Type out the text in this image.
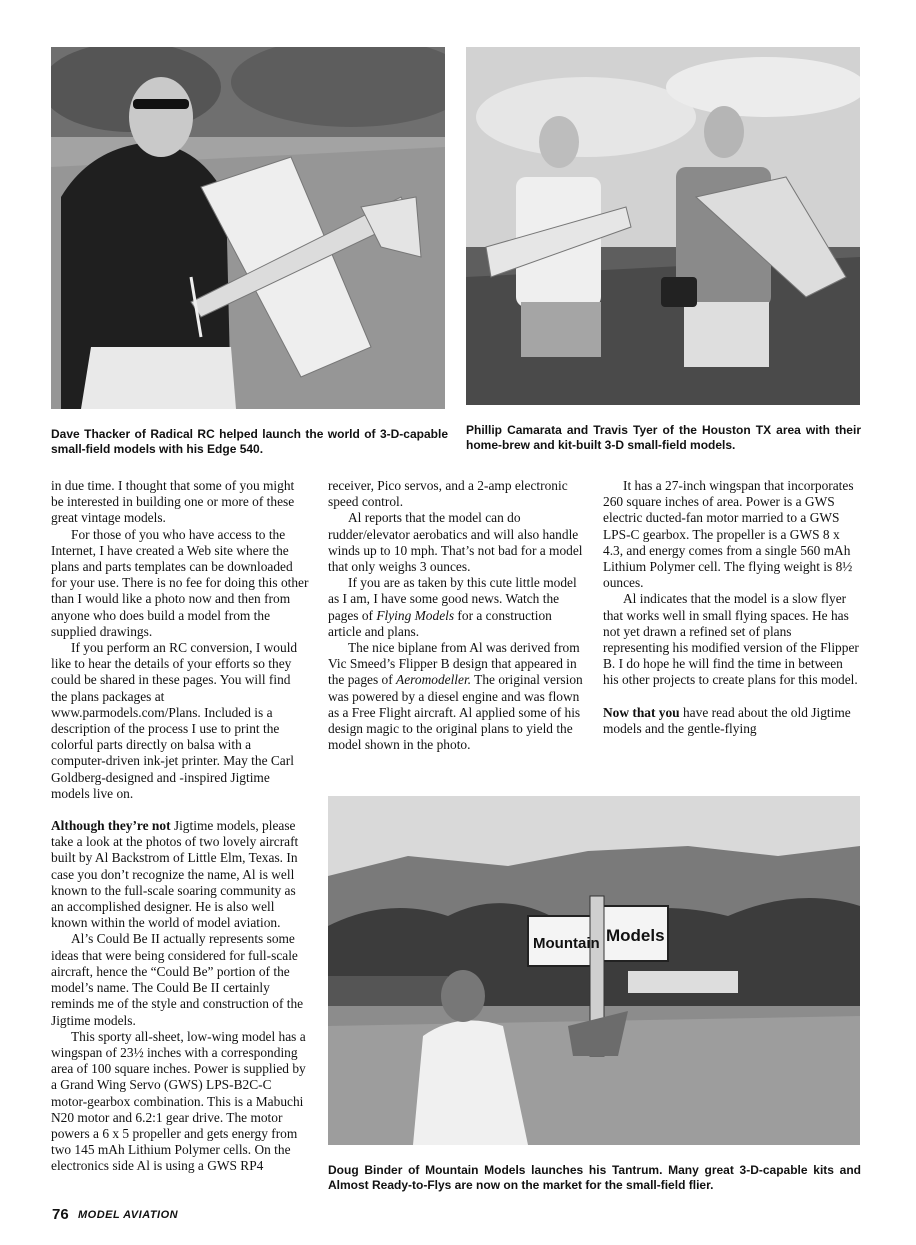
Dave Thacker of Radical RC helped launch the world of 3-D-capable small-field models with his Edge 540.
Phillip Camarata and Travis Tyer of the Houston TX area with their home-brew and kit-built 3-D small-field models.

in due time. I thought that some of you might be interested in building one or more of these great vintage models.

For those of you who have access to the Internet, I have created a Web site where the plans and parts templates can be downloaded for your use. There is no fee for doing this other than I would like a photo now and then from anyone who does build a model from the supplied drawings.

If you perform an RC conversion, I would like to hear the details of your efforts so they could be shared in these pages. You will find the plans packages at www.parmodels.com/Plans. Included is a description of the process I use to print the colorful parts directly on balsa with a computer-driven ink-jet printer. May the Carl Goldberg-designed and -inspired Jigtime models live on.

Although they’re not Jigtime models, please take a look at the photos of two lovely aircraft built by Al Backstrom of Little Elm, Texas. In case you don’t recognize the name, Al is well known to the full-scale soaring community as an accomplished designer. He is also well known within the world of model aviation.

Al’s Could Be II actually represents some ideas that were being considered for full-scale aircraft, hence the “Could Be” portion of the model’s name. The Could Be II certainly reminds me of the style and construction of the Jigtime models.

This sporty all-sheet, low-wing model has a wingspan of 23½ inches with a corresponding area of 100 square inches. Power is supplied by a Grand Wing Servo (GWS) LPS-B2C-C motor-gearbox combination. This is a Mabuchi N20 motor and 6.2:1 gear drive. The motor powers a 6 x 5 propeller and gets energy from two 145 mAh Lithium Polymer cells. On the electronics side Al is using a GWS RP4

receiver, Pico servos, and a 2-amp electronic speed control.

Al reports that the model can do rudder/elevator aerobatics and will also handle winds up to 10 mph. That’s not bad for a model that only weighs 3 ounces.

If you are as taken by this cute little model as I am, I have some good news. Watch the pages of Flying Models for a construction article and plans.

The nice biplane from Al was derived from Vic Smeed’s Flipper B design that appeared in the pages of Aeromodeller. The original version was powered by a diesel engine and was flown as a Free Flight aircraft. Al applied some of his design magic to the original plans to yield the model shown in the photo.

It has a 27-inch wingspan that incorporates 260 square inches of area. Power is a GWS electric ducted-fan motor married to a GWS LPS-C gearbox. The propeller is a GWS 8 x 4.3, and energy comes from a single 560 mAh Lithium Polymer cell. The flying weight is 8½ ounces.

Al indicates that the model is a slow flyer that works well in small flying spaces. He has not yet drawn a refined set of plans representing his modified version of the Flipper B. I do hope he will find the time in between his other projects to create plans for this model.

Now that you have read about the old Jigtime models and the gentle-flying

Mountain Models
Doug Binder of Mountain Models launches his Tantrum. Many great 3-D-capable kits and Almost Ready-to-Flys are now on the market for the small-field flier.
76 MODEL AVIATION
